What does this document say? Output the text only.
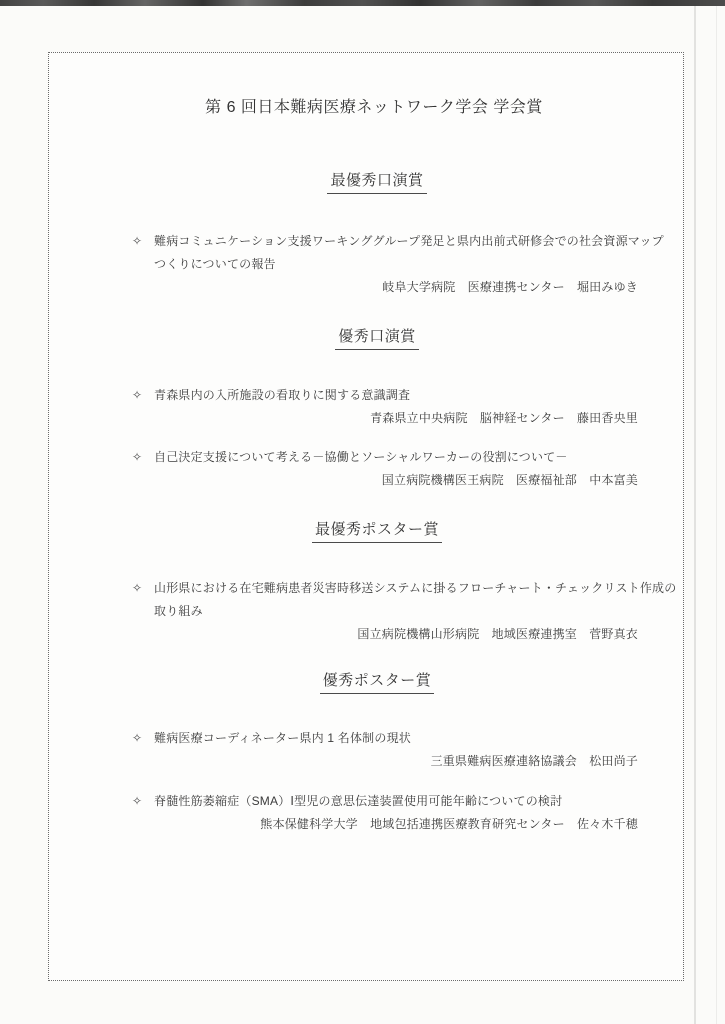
第 6 回日本難病医療ネットワーク学会 学会賞
最優秀口演賞
✧ 難病コミュニケーション支援ワーキンググループ発足と県内出前式研修会での社会資源マップ
つくりについての報告
岐阜大学病院　医療連携センター　堀田みゆき
優秀口演賞
✧ 青森県内の入所施設の看取りに関する意識調査
青森県立中央病院　脳神経センター　藤田香央里
✧ 自己決定支援について考える－協働とソーシャルワーカーの役割について－
国立病院機構医王病院　医療福祉部　中本富美
最優秀ポスター賞
✧ 山形県における在宅難病患者災害時移送システムに掛るフローチャート・チェックリスト作成の
取り組み
国立病院機構山形病院　地域医療連携室　菅野真衣
優秀ポスター賞
✧ 難病医療コーディネーター県内 1 名体制の現状
三重県難病医療連絡協議会　松田尚子
✧ 脊髄性筋萎縮症（SMA）Ⅰ型児の意思伝達装置使用可能年齢についての検討
熊本保健科学大学　地域包括連携医療教育研究センター　佐々木千穂
